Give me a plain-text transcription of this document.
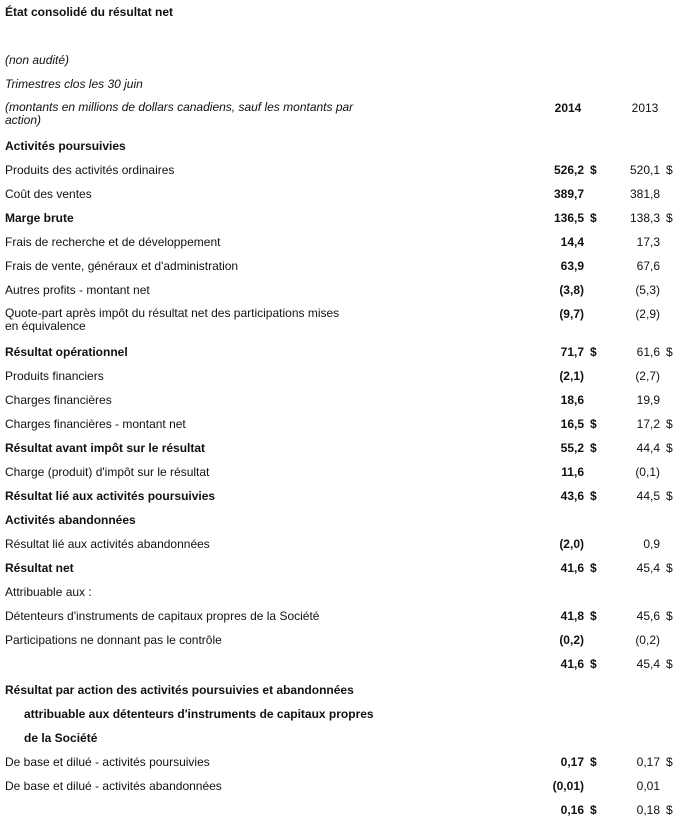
État consolidé du résultat net
(non audité)
Trimestres clos les 30 juin
(montants en millions de dollars canadiens, sauf les montants par action)
2014	2013
Activités poursuivies
Produits des activités ordinaires	526,2 $	520,1 $
Coût des ventes	389,7	381,8
Marge brute	136,5 $	138,3 $
Frais de recherche et de développement	14,4	17,3
Frais de vente, généraux et d'administration	63,9	67,6
Autres profits - montant net	(3,8)	(5,3)
Quote-part après impôt du résultat net des participations mises en équivalence
(9,7)	(2,9)
Résultat opérationnel	71,7 $	61,6 $
Produits financiers	(2,1)	(2,7)
Charges financières	18,6	19,9
Charges financières - montant net	16,5 $	17,2 $
Résultat avant impôt sur le résultat	55,2 $	44,4 $
Charge (produit) d'impôt sur le résultat	11,6	(0,1)
Résultat lié aux activités poursuivies	43,6 $	44,5 $
Activités abandonnées
Résultat lié aux activités abandonnées	(2,0)	0,9
Résultat net	41,6 $	45,4 $
Attribuable aux :
Détenteurs d'instruments de capitaux propres de la Société	41,8 $	45,6 $
Participations ne donnant pas le contrôle	(0,2)	(0,2)
41,6 $	45,4 $
Résultat par action des activités poursuivies et abandonnées
attribuable aux détenteurs d'instruments de capitaux propres
de la Société
De base et dilué - activités poursuivies	0,17 $	0,17 $
De base et dilué - activités abandonnées	(0,01)	0,01
0,16 $	0,18 $
